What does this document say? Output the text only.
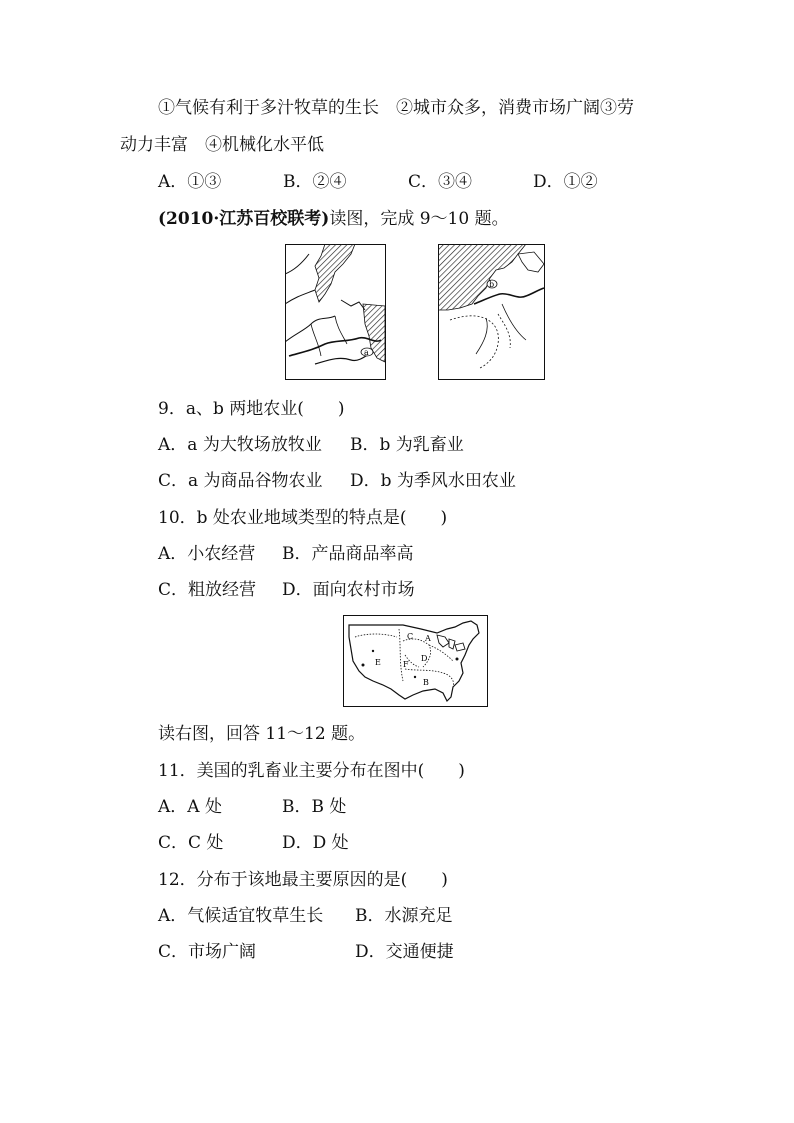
①气候有利于多汁牧草的生长　②城市众多，消费市场广阔③劳
动力丰富　④机械化水平低
A．①③	B．②④	C．③④	D．①②
(2010·江苏百校联考)读图，完成 9～10 题。
a
b
9．a、b 两地农业(　　)
A．a 为大牧场放牧业 B．b 为乳畜业
C．a 为商品谷物农业 D．b 为季风水田农业
10．b 处农业地域类型的特点是(　　)
A．小农经营 B．产品商品率高
C．粗放经营 D．面向农村市场
A
B
C
D
E	F
读右图，回答 11～12 题。
11．美国的乳畜业主要分布在图中(　　)
A．A 处	B．B 处
C．C 处	D．D 处
12．分布于该地最主要原因的是(　　)
A．气候适宜牧草生长 B．水源充足
C．市场广阔	D．交通便捷
